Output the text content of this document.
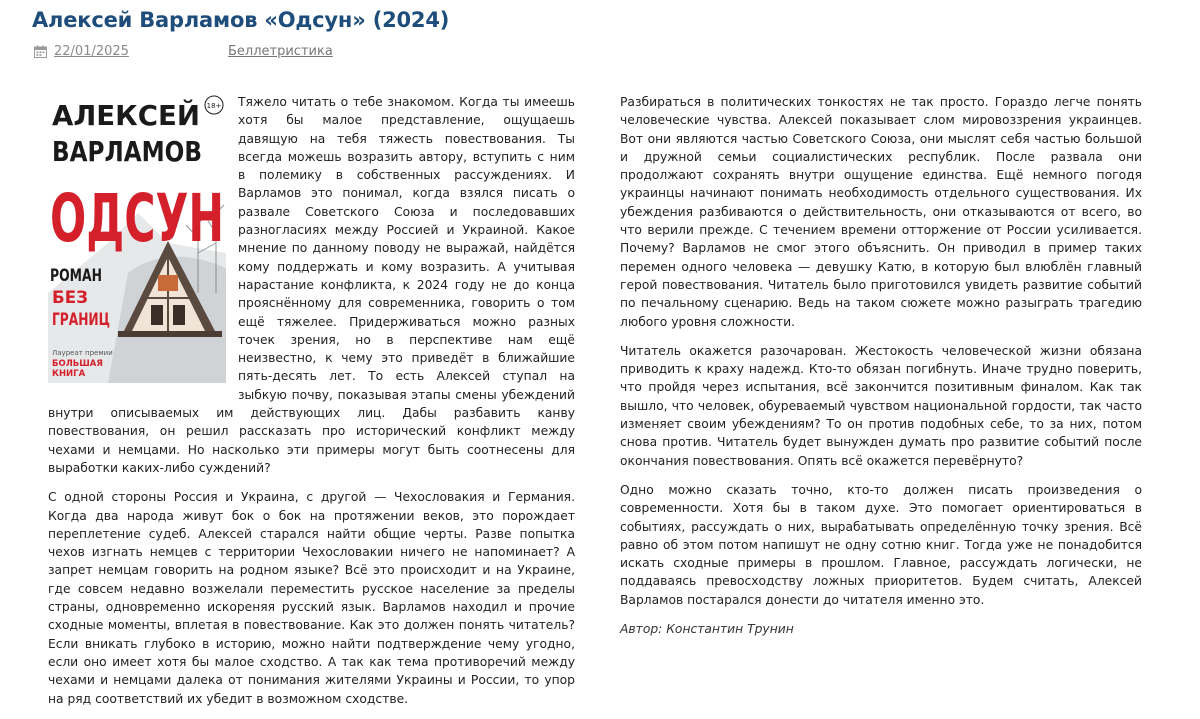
Алексей Варламов «Одсун» (2024)
22/01/2025	Беллетристика
АЛЕКСЕЙ
ВАРЛАМОВ
18+
ОДСУН
РОМАН
БЕЗ
ГРАНИЦ
Лауреат премии
БОЛЬШАЯ
КНИГА

Тяжело читать о тебе знакомом. Когда ты имеешь хотя бы малое представление, ощущаешь давящую на тебя тяжесть повествования. Ты всегда можешь возразить автору, вступить с ним в полемику в собственных рассуждениях. И Варламов это понимал, когда взялся писать о развале Советского Союза и последовавших разногласиях между Россией и Украиной. Какое мнение по данному поводу не выражай, найдётся кому поддержать и кому возразить. А учитывая нарастание конфликта, к 2024 году не до конца прояснённому для современника, говорить о том ещё тяжелее. Придерживаться можно разных точек зрения, но в перспективе нам ещё неизвестно, к чему это приведёт в ближайшие пять-десять лет. То есть Алексей ступал на зыбкую почву, показывая этапы смены убеждений внутри описываемых им действующих лиц. Дабы разбавить канву повествования, он решил рассказать про исторический конфликт между чехами и немцами. Но насколько эти примеры могут быть соотнесены для выработки каких-либо суждений?

С одной стороны Россия и Украина, с другой — Чехословакия и Германия. Когда два народа живут бок о бок на протяжении веков, это порождает переплетение судеб. Алексей старался найти общие черты. Разве попытка чехов изгнать немцев с территории Чехословакии ничего не напоминает? А запрет немцам говорить на родном языке? Всё это происходит и на Украине, где совсем недавно возжелали переместить русское население за пределы страны, одновременно искореняя русский язык. Варламов находил и прочие сходные моменты, вплетая в повествование. Как это должен понять читатель? Если вникать глубоко в историю, можно найти подтверждение чему угодно, если оно имеет хотя бы малое сходство. А так как тема противоречий между чехами и немцами далека от понимания жителями Украины и России, то упор на ряд соответствий их убедит в возможном сходстве.

Разбираться в политических тонкостях не так просто. Гораздо легче понять человеческие чувства. Алексей показывает слом мировоззрения украинцев. Вот они являются частью Советского Союза, они мыслят себя частью большой и дружной семьи социалистических республик. После развала они продолжают сохранять внутри ощущение единства. Ещё немного погодя украинцы начинают понимать необходимость отдельного существования. Их убеждения разбиваются о действительность, они отказываются от всего, во что верили прежде. С течением времени отторжение от России усиливается. Почему? Варламов не смог этого объяснить. Он приводил в пример таких перемен одного человека — девушку Катю, в которую был влюблён главный герой повествования. Читатель было приготовился увидеть развитие событий по печальному сценарию. Ведь на таком сюжете можно разыграть трагедию любого уровня сложности.

Читатель окажется разочарован. Жестокость человеческой жизни обязана приводить к краху надежд. Кто-то обязан погибнуть. Иначе трудно поверить, что пройдя через испытания, всё закончится позитивным финалом. Как так вышло, что человек, обуреваемый чувством национальной гордости, так часто изменяет своим убеждениям? То он против подобных себе, то за них, потом снова против. Читатель будет вынужден думать про развитие событий после окончания повествования. Опять всё окажется перевёрнуто?

Одно можно сказать точно, кто-то должен писать произведения о современности. Хотя бы в таком духе. Это помогает ориентироваться в событиях, рассуждать о них, вырабатывать определённую точку зрения. Всё равно об этом потом напишут не одну сотню книг. Тогда уже не понадобится искать сходные примеры в прошлом. Главное, рассуждать логически, не поддаваясь превосходству ложных приоритетов. Будем считать, Алексей Варламов постарался донести до читателя именно это.

Автор: Константин Трунин
